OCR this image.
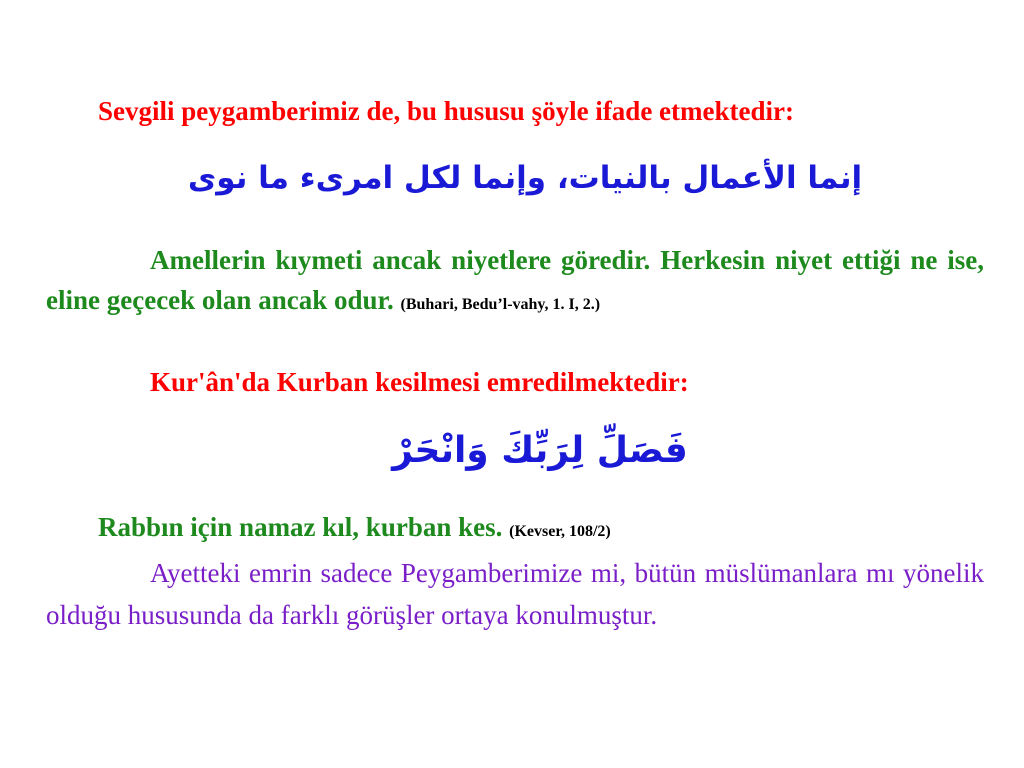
Sevgili peygamberimiz de, bu hususu şöyle ifade etmektedir:
إنما الأعمال بالنيات، وإنما لكل امرىء ما نوى
Amellerin kıymeti ancak niyetlere göredir. Herkesin niyet ettiği ne ise, eline geçecek olan ancak odur. (Buhari, Bedu’l-vahy, 1. I, 2.)
Kur'ân'da Kurban kesilmesi emredilmektedir:
فَصَلِّ لِرَبِّكَ وَانْحَرْ
Rabbın için namaz kıl, kurban kes. (Kevser, 108/2)
Ayetteki emrin sadece Peygamberimize mi, bütün müslümanlara mı yönelik olduğu hususunda da farklı görüşler ortaya konulmuştur.
